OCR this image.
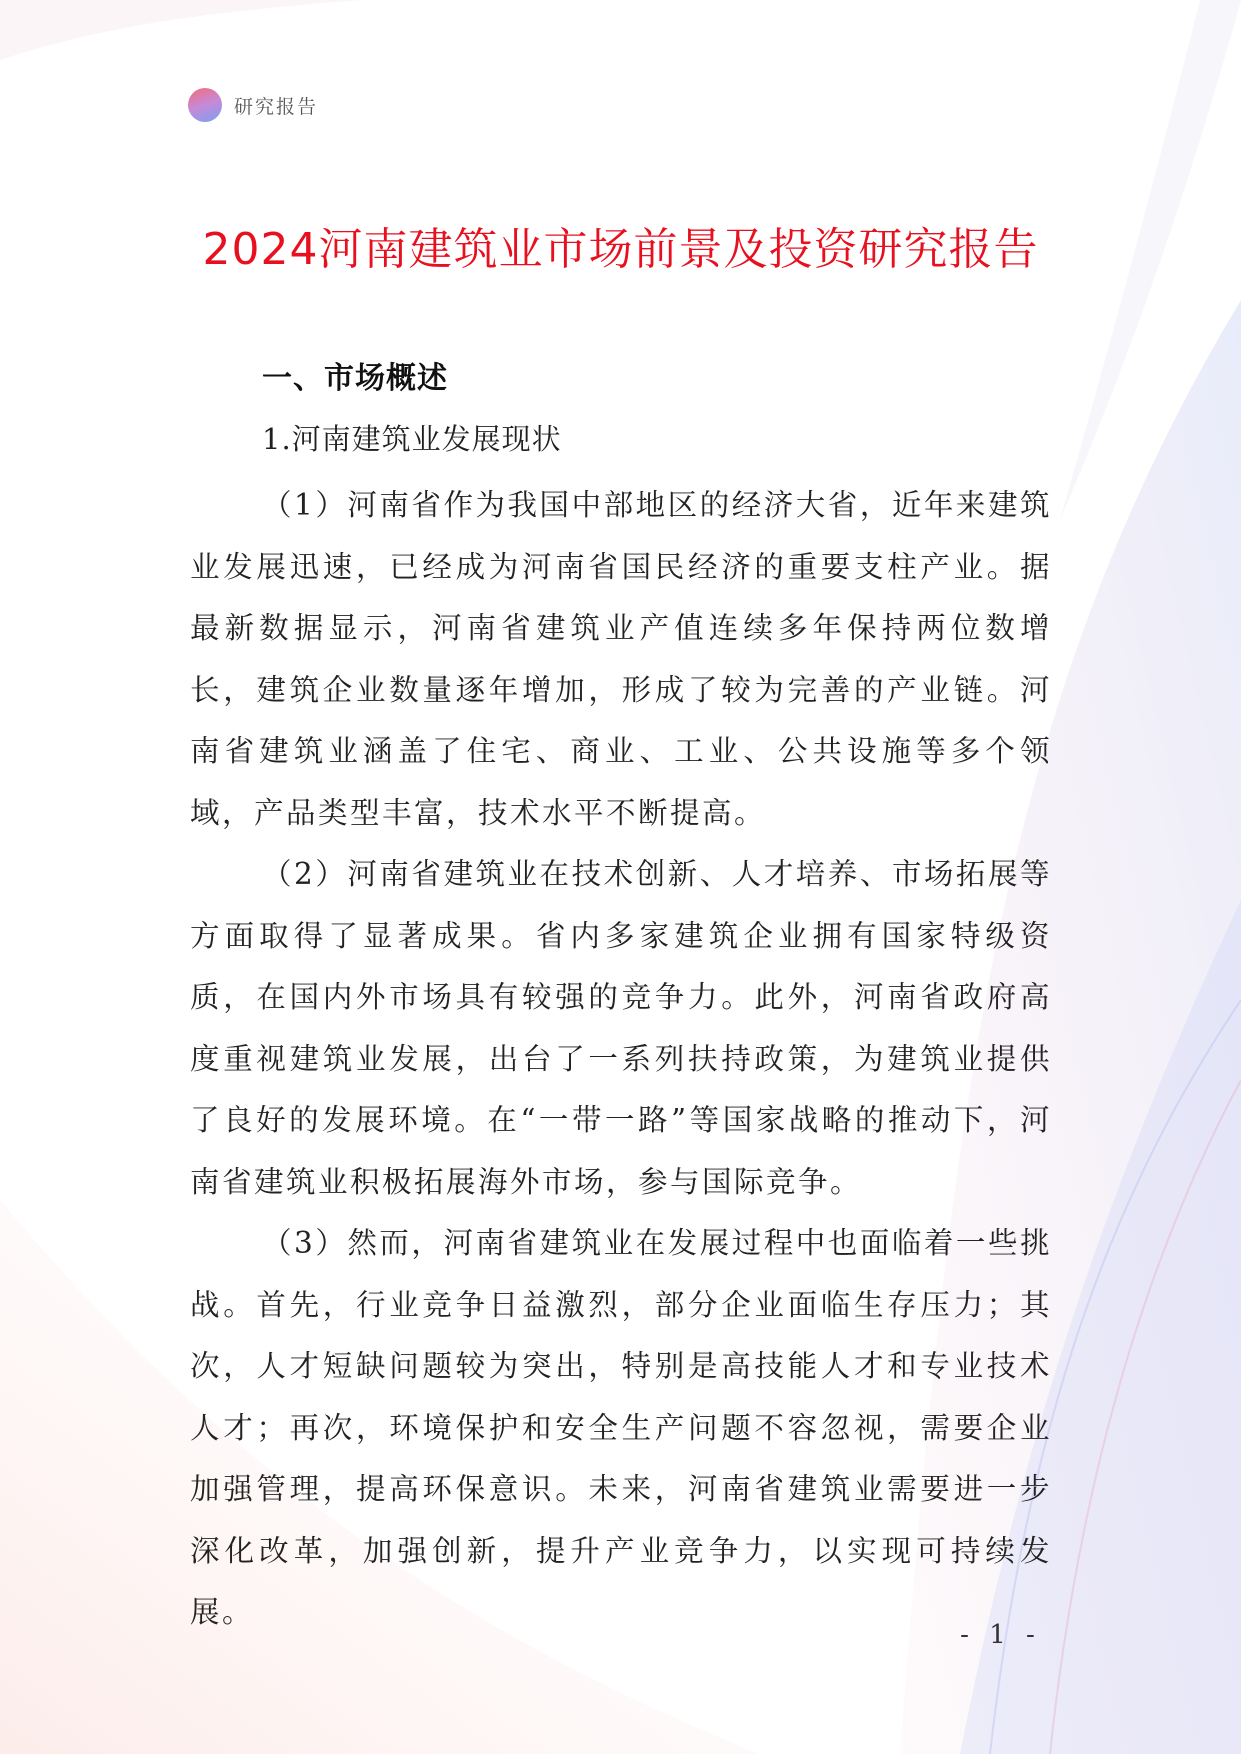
研究报告
2024河南建筑业市场前景及投资研究报告
一、市场概述
1.河南建筑业发展现状

（1）河南省作为我国中部地区的经济大省，近年来建筑业发展迅速，已经成为河南省国民经济的重要支柱产业。据最新数据显示，河南省建筑业产值连续多年保持两位数增长，建筑企业数量逐年增加，形成了较为完善的产业链。河南省建筑业涵盖了住宅、商业、工业、公共设施等多个领域，产品类型丰富，技术水平不断提高。

（2）河南省建筑业在技术创新、人才培养、市场拓展等方面取得了显著成果。省内多家建筑企业拥有国家特级资质，在国内外市场具有较强的竞争力。此外，河南省政府高度重视建筑业发展，出台了一系列扶持政策，为建筑业提供了良好的发展环境。在“一带一路”等国家战略的推动下，河南省建筑业积极拓展海外市场，参与国际竞争。

（3）然而，河南省建筑业在发展过程中也面临着一些挑战。首先，行业竞争日益激烈，部分企业面临生存压力；其次，人才短缺问题较为突出，特别是高技能人才和专业技术人才；再次，环境保护和安全生产问题不容忽视，需要企业加强管理，提高环保意识。未来，河南省建筑业需要进一步深化改革，加强创新，提升产业竞争力，以实现可持续发展。

- 1 -
